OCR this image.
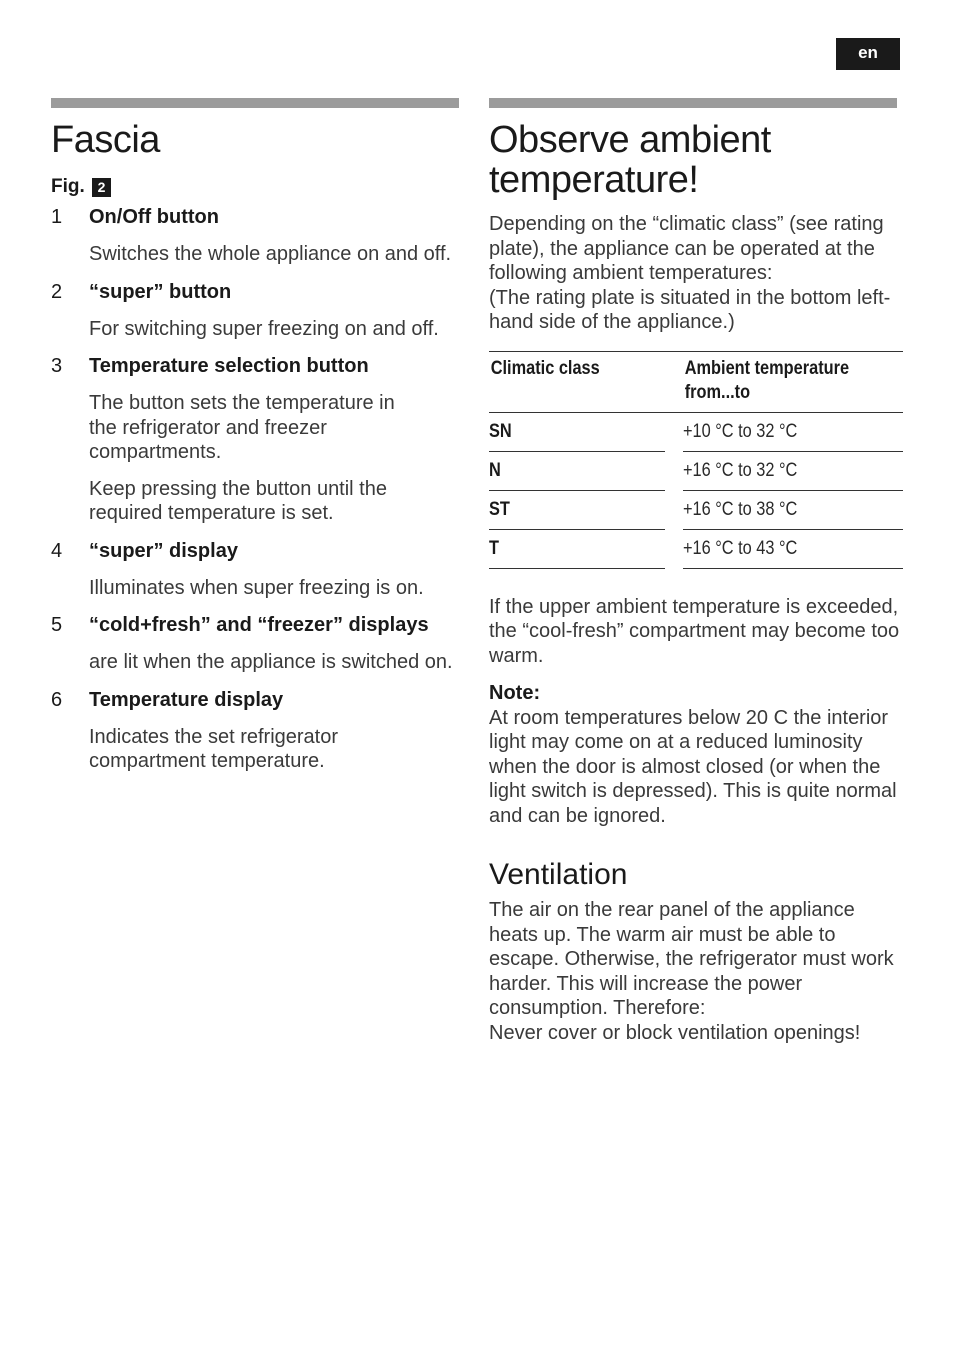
en
Fascia
Fig. 2
1	On/Off button
Switches the whole appliance on and off.
2	“super” button
For switching super freezing on and off.
3	Temperature selection button
The button sets the temperature in the refrigerator and freezer compartments.
Keep pressing the button until the required temperature is set.
4	“super” display
Illuminates when super freezing is on.
5	“cold+fresh” and “freezer” displays
are lit when the appliance is switched on.
6	Temperature display
Indicates the set refrigerator compartment temperature.
Observe ambient
temperature!

Depending on the “climatic class” (see rating plate), the appliance can be operated at the following ambient temperatures:

(The rating plate is situated in the bottom left-hand side of the appliance.)

Climatic class		Ambient temperature
from...to

SN		+10 °C to 32 °C
N		+16 °C to 32 °C
ST		+16 °C to 38 °C
T		+16 °C to 43 °C

If the upper ambient temperature is exceeded, the “cool-fresh” compartment may become too warm.

Note:

At room temperatures below 20 C the interior light may come on at a reduced luminosity when the door is almost closed (or when the light switch is depressed). This is quite normal and can be ignored.

Ventilation

The air on the rear panel of the appliance heats up. The warm air must be able to escape. Otherwise, the refrigerator must work harder. This will increase the power consumption. Therefore:

Never cover or block ventilation openings!
